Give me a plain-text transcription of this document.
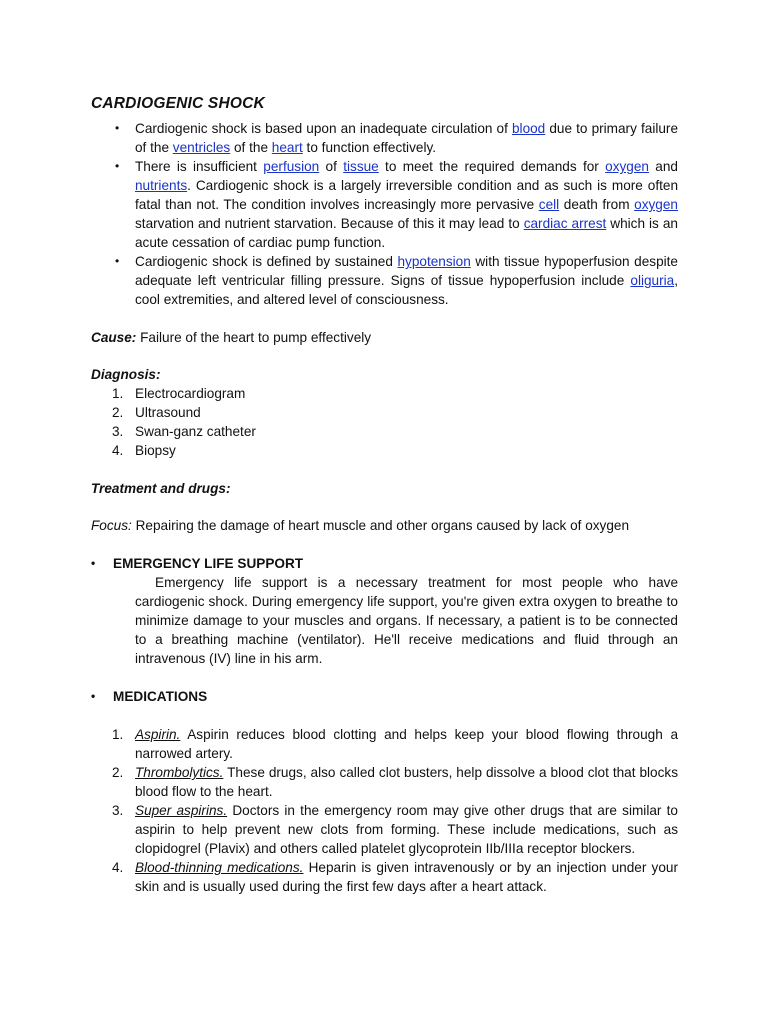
CARDIOGENIC SHOCK
• Cardiogenic shock is based upon an inadequate circulation of blood due to primary failure of the ventricles of the heart to function effectively.
• There is insufficient perfusion of tissue to meet the required demands for oxygen and nutrients. Cardiogenic shock is a largely irreversible condition and as such is more often fatal than not. The condition involves increasingly more pervasive cell death from oxygen starvation and nutrient starvation. Because of this it may lead to cardiac arrest which is an acute cessation of cardiac pump function.
• Cardiogenic shock is defined by sustained hypotension with tissue hypoperfusion despite adequate left ventricular filling pressure. Signs of tissue hypoperfusion include oliguria, cool extremities, and altered level of consciousness.
Cause: Failure of the heart to pump effectively
Diagnosis:
1. Electrocardiogram
2. Ultrasound
3. Swan-ganz catheter
4. Biopsy
Treatment and drugs:
Focus: Repairing the damage of heart muscle and other organs caused by lack of oxygen
• EMERGENCY LIFE SUPPORT
Emergency life support is a necessary treatment for most people who have cardiogenic shock. During emergency life support, you're given extra oxygen to breathe to minimize damage to your muscles and organs. If necessary, a patient is to be connected to a breathing machine (ventilator). He'll receive medications and fluid through an intravenous (IV) line in his arm.
• MEDICATIONS
1. Aspirin. Aspirin reduces blood clotting and helps keep your blood flowing through a narrowed artery.
2. Thrombolytics. These drugs, also called clot busters, help dissolve a blood clot that blocks blood flow to the heart.
3. Super aspirins. Doctors in the emergency room may give other drugs that are similar to aspirin to help prevent new clots from forming. These include medications, such as clopidogrel (Plavix) and others called platelet glycoprotein IIb/IIIa receptor blockers.
4. Blood-thinning medications. Heparin is given intravenously or by an injection under your skin and is usually used during the first few days after a heart attack.
